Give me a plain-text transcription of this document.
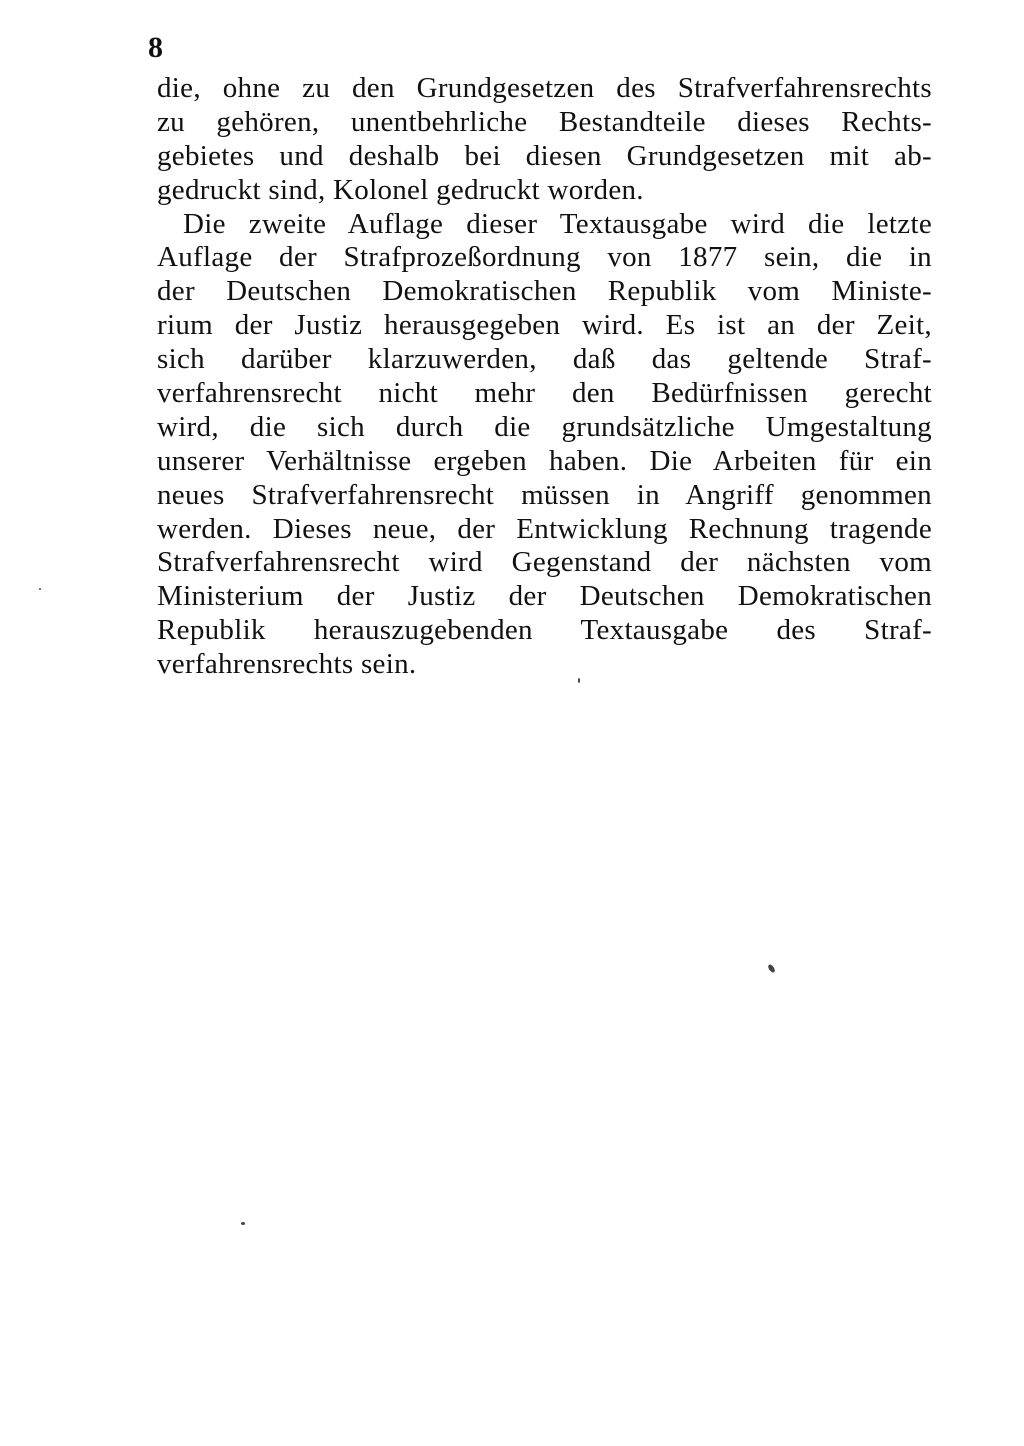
8
die, ohne zu den Grundgesetzen des Strafverfahrensrechts
zu gehören, unentbehrliche Bestandteile dieses Rechts-
gebietes und deshalb bei diesen Grundgesetzen mit ab-
gedruckt sind, Kolonel gedruckt worden.
Die zweite Auflage dieser Textausgabe wird die letzte
Auflage der Strafprozeßordnung von 1877 sein, die in
der Deutschen Demokratischen Republik vom Ministe-
rium der Justiz herausgegeben wird. Es ist an der Zeit,
sich darüber klarzuwerden, daß das geltende Straf-
verfahrensrecht nicht mehr den Bedürfnissen gerecht
wird, die sich durch die grundsätzliche Umgestaltung
unserer Verhältnisse ergeben haben. Die Arbeiten für ein
neues Strafverfahrensrecht müssen in Angriff genommen
werden. Dieses neue, der Entwicklung Rechnung tragende
Strafverfahrensrecht wird Gegenstand der nächsten vom
Ministerium der Justiz der Deutschen Demokratischen
Republik herauszugebenden Textausgabe des Straf-
verfahrensrechts sein.
